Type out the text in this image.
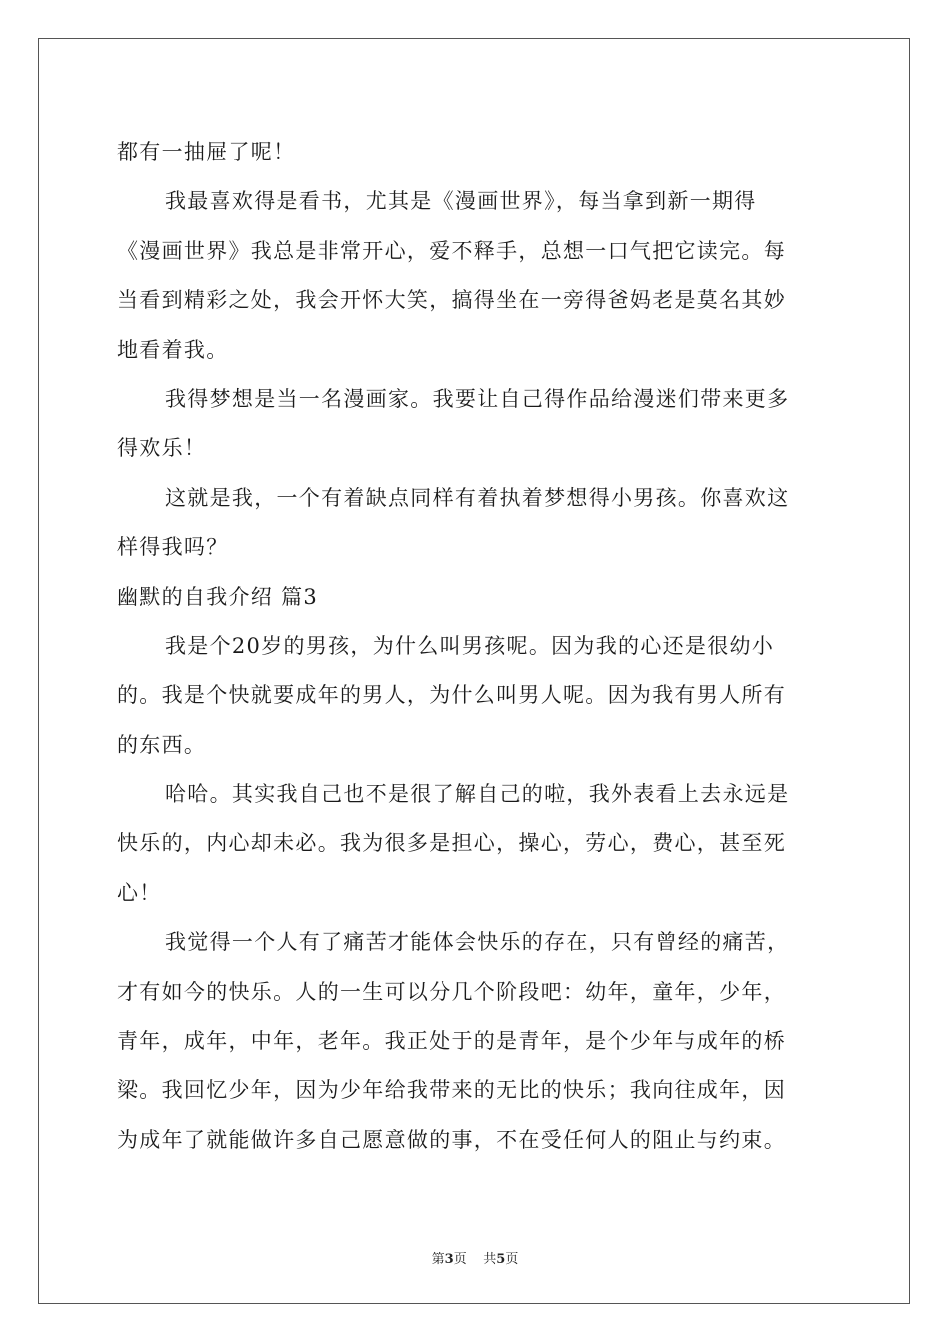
都有一抽屉了呢！
我最喜欢得是看书，尤其是《漫画世界》，每当拿到新一期得
《漫画世界》我总是非常开心，爱不释手，总想一口气把它读完。每
当看到精彩之处，我会开怀大笑，搞得坐在一旁得爸妈老是莫名其妙
地看着我。
我得梦想是当一名漫画家。我要让自己得作品给漫迷们带来更多
得欢乐！
这就是我，一个有着缺点同样有着执着梦想得小男孩。你喜欢这
样得我吗？
幽默的自我介绍 篇3
我是个20岁的男孩，为什么叫男孩呢。因为我的心还是很幼小
的。我是个快就要成年的男人，为什么叫男人呢。因为我有男人所有
的东西。
哈哈。其实我自己也不是很了解自己的啦，我外表看上去永远是
快乐的，内心却未必。我为很多是担心，操心，劳心，费心，甚至死
心！
我觉得一个人有了痛苦才能体会快乐的存在，只有曾经的痛苦，
才有如今的快乐。人的一生可以分几个阶段吧：幼年，童年，少年，
青年，成年，中年，老年。我正处于的是青年，是个少年与成年的桥
梁。我回忆少年，因为少年给我带来的无比的快乐；我向往成年，因
为成年了就能做许多自己愿意做的事，不在受任何人的阻止与约束。
第3页 共5页
